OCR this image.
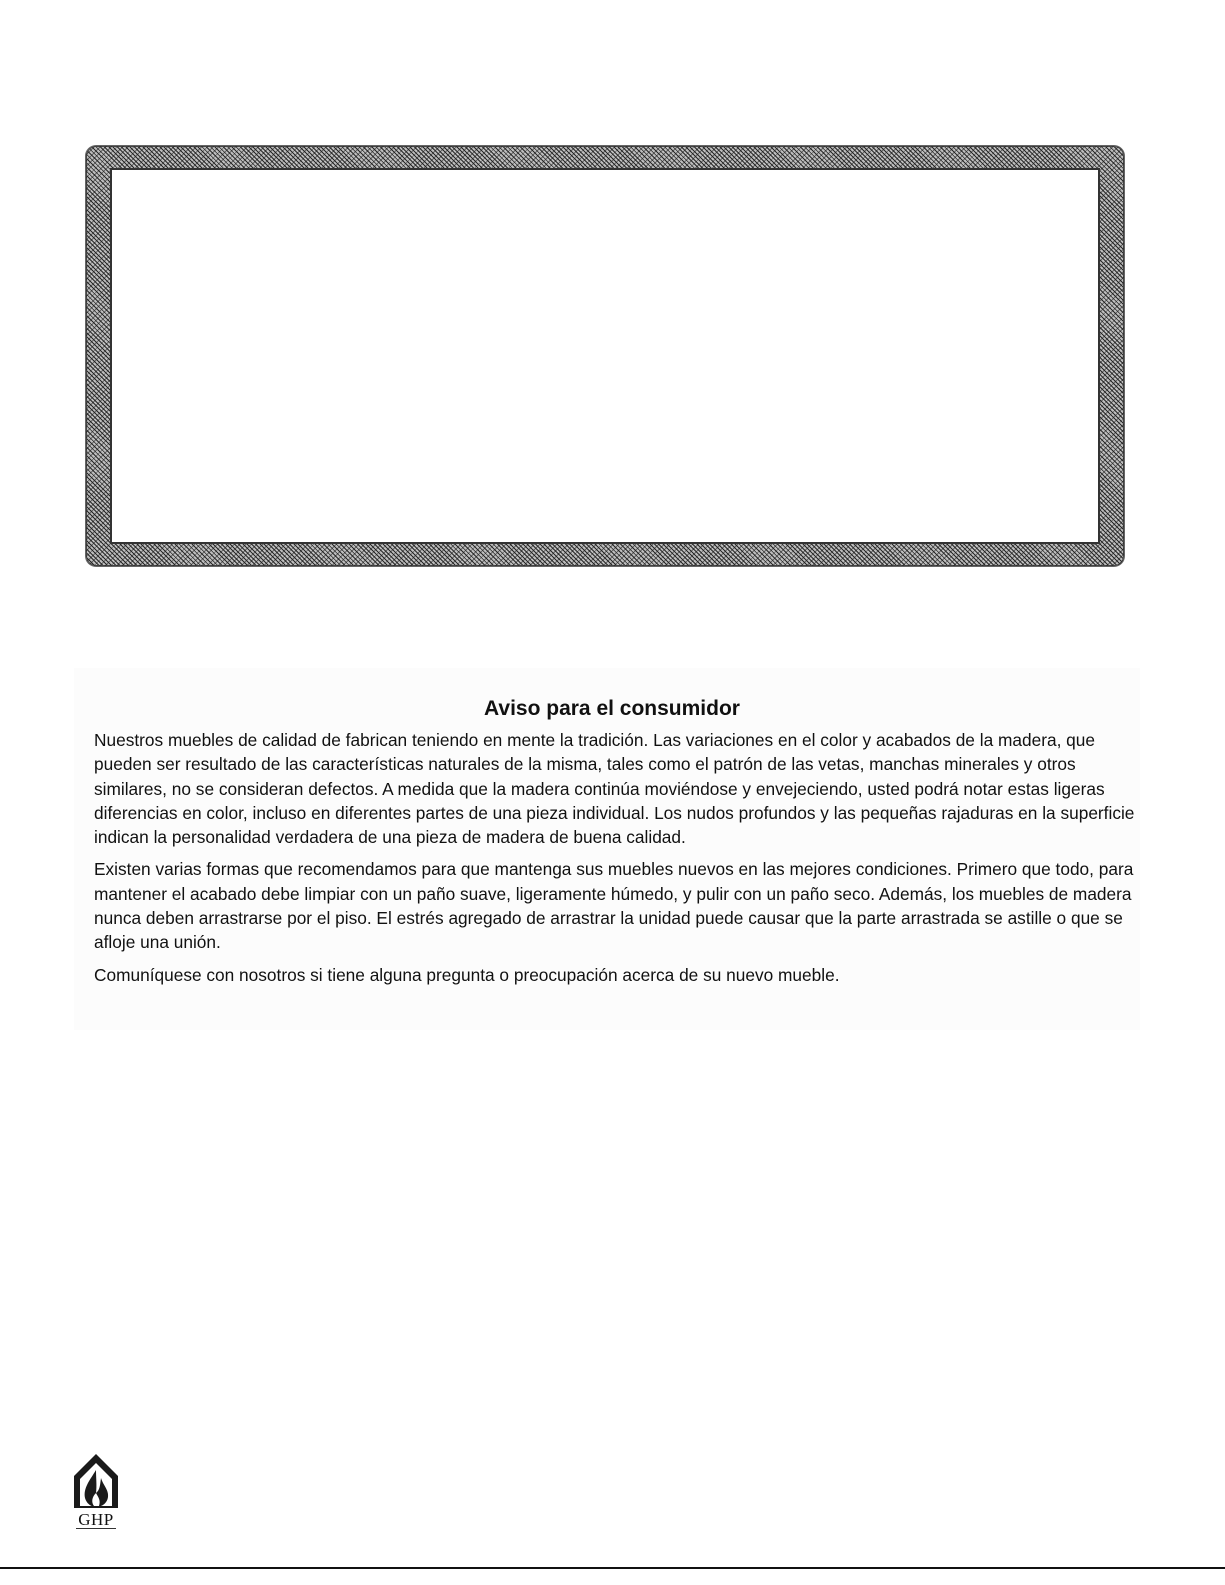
Aviso para el consumidor

Nuestros muebles de calidad de fabrican teniendo en mente la tradición. Las variaciones en el color y acabados de la madera, que pueden ser resultado de las características naturales de la misma, tales como el patrón de las vetas, manchas minerales y otros similares, no se consideran defectos. A medida que la madera continúa moviéndose y envejeciendo, usted podrá notar estas ligeras diferencias en color, incluso en diferentes partes de una pieza individual. Los nudos profundos y las pequeñas rajaduras en la superficie indican la personalidad verdadera de una pieza de madera de buena calidad.

Existen varias formas que recomendamos para que mantenga sus muebles nuevos en las mejores condiciones. Primero que todo, para mantener el acabado debe limpiar con un paño suave, ligeramente húmedo, y pulir con un paño seco. Además, los muebles de madera nunca deben arrastrarse por el piso. El estrés agregado de arrastrar la unidad puede causar que la parte arrastrada se astille o que se afloje una unión.

Comuníquese con nosotros si tiene alguna pregunta o preocupación acerca de su nuevo mueble.

GHP
